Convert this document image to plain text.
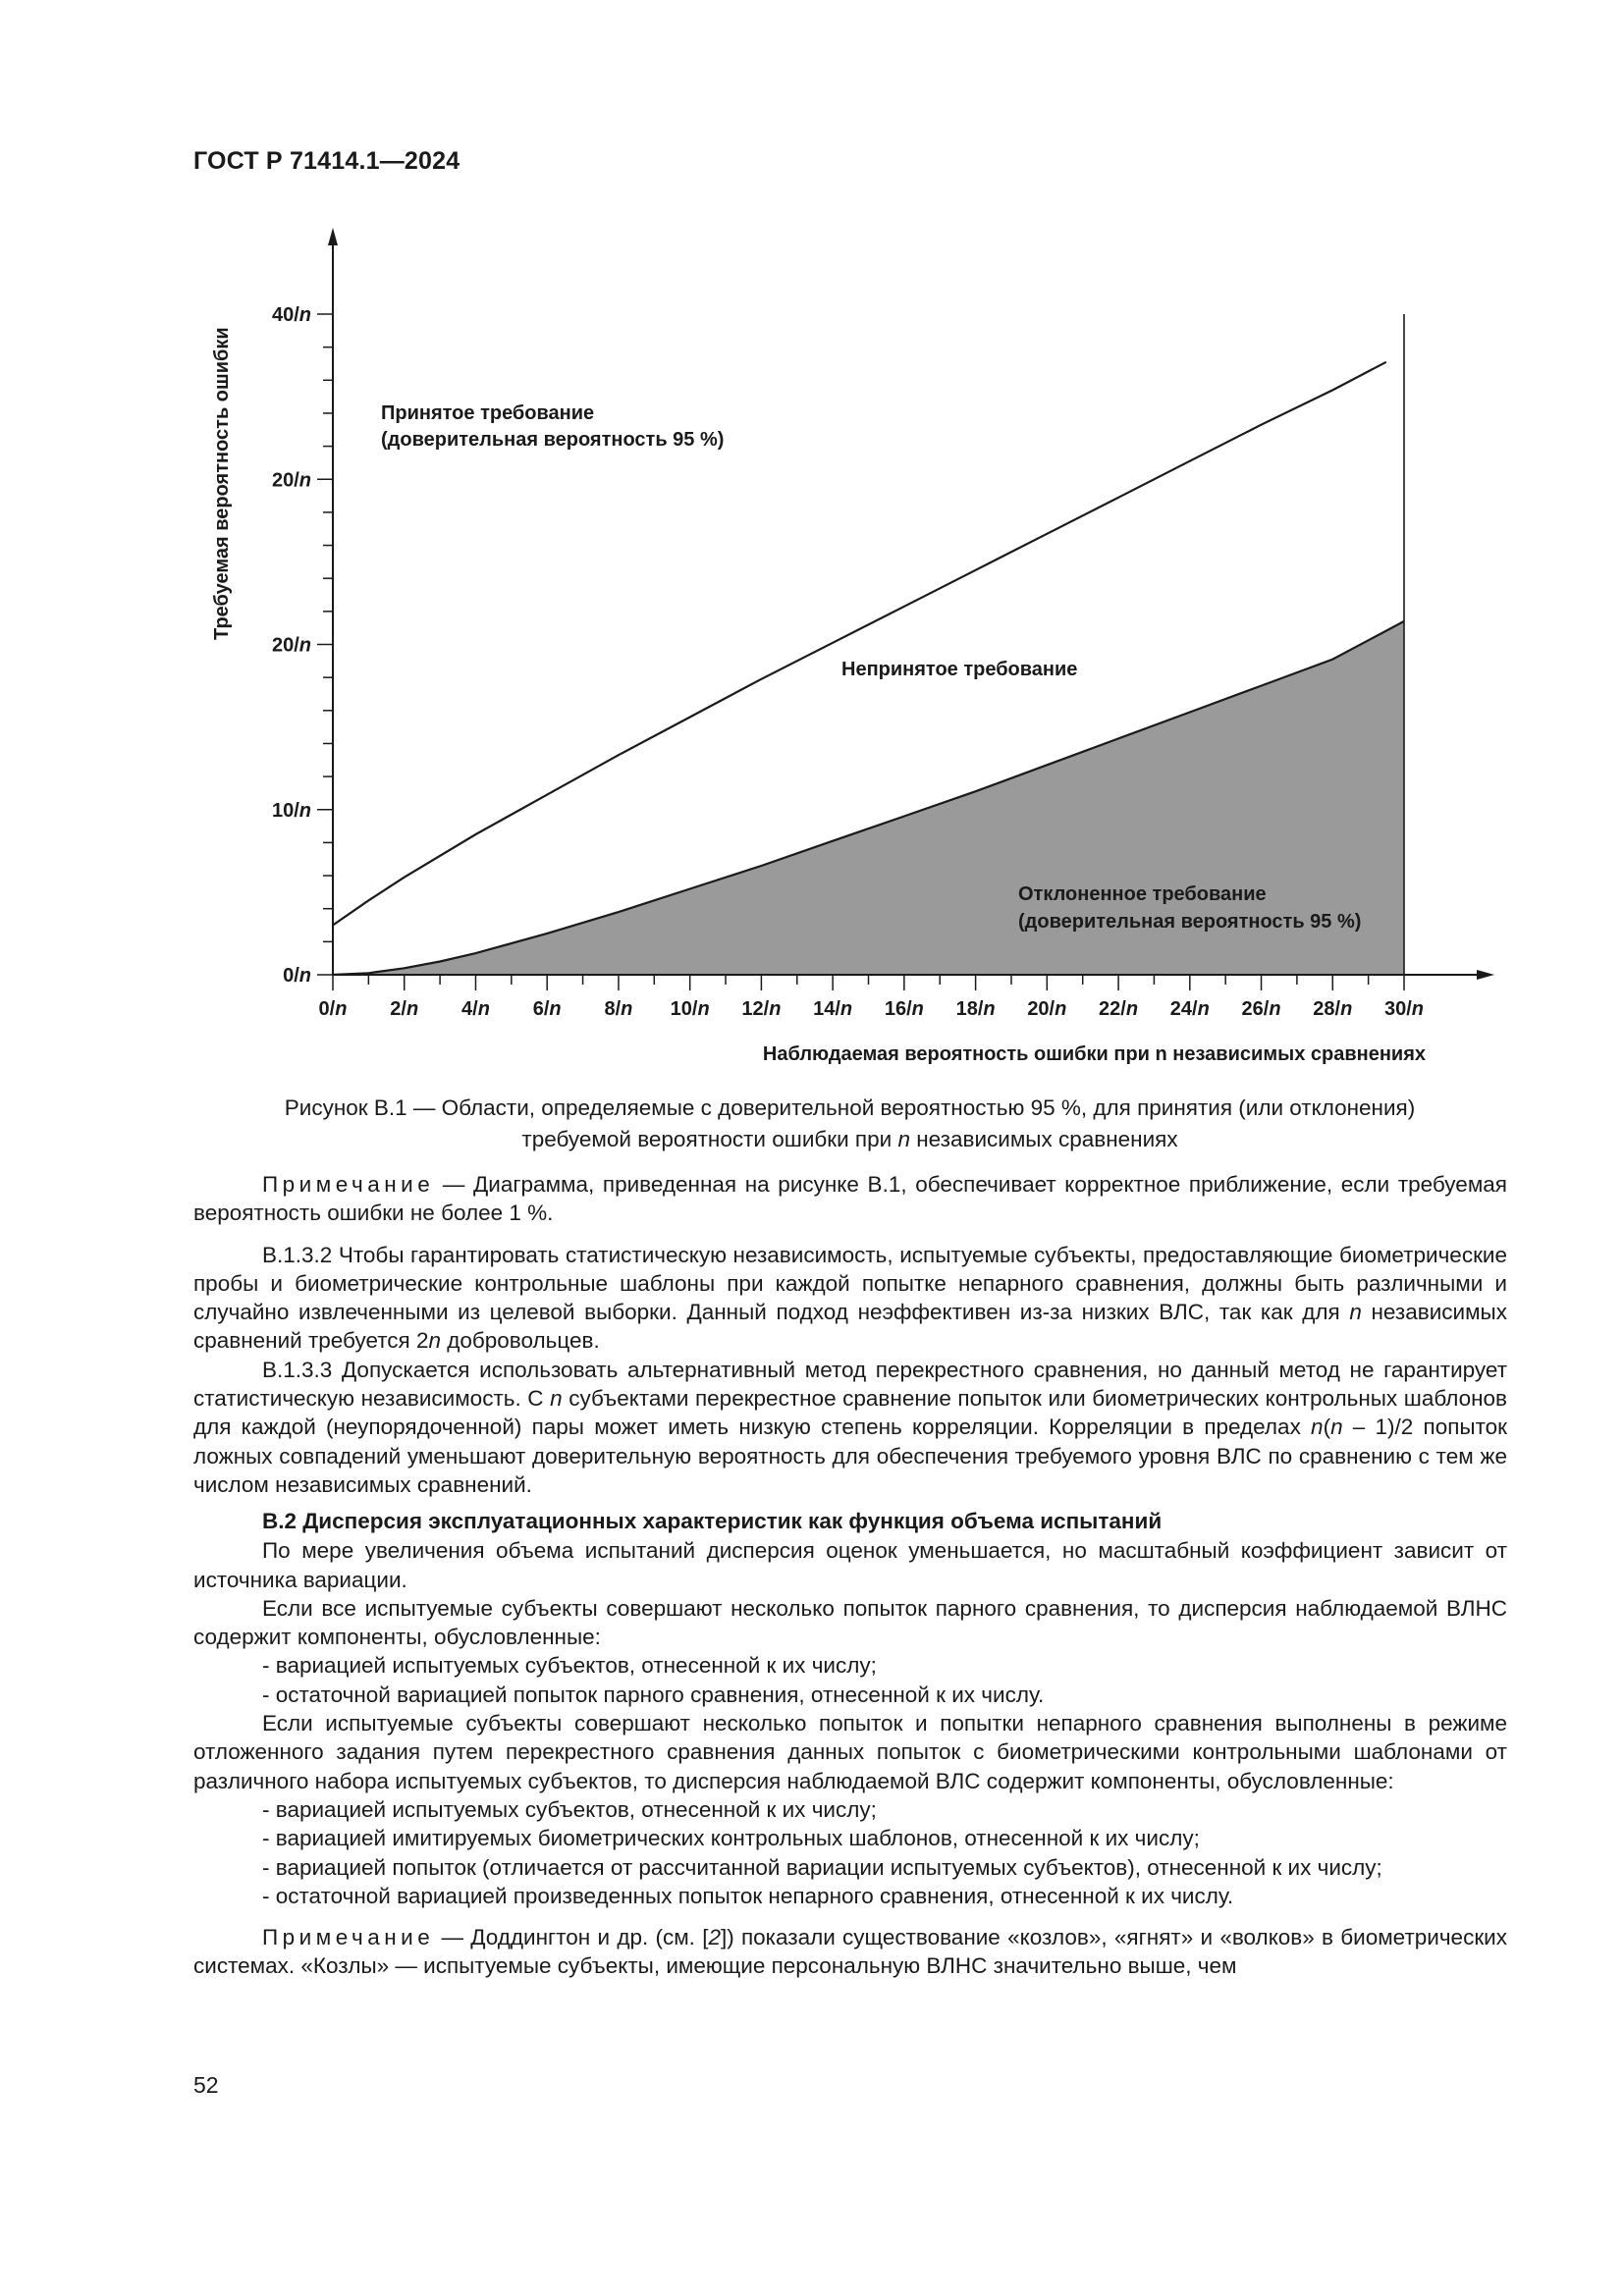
ГОСТ Р 71414.1—2024
0/n
10/n
20/n
20/n
40/n
0/n 2/n 4/n 6/n 8/n 10/n 12/n 14/n 16/n 18/n 20/n 22/n 24/n 26/n 28/n 30/n
Требуемая вероятность ошибки
Наблюдаемая вероятность ошибки при n независимых сравнениях
Принятое требование
(доверительная вероятность 95 %)
Непринятое требование
Отклоненное требование
(доверительная вероятность 95 %)
Рисунок В.1 — Области, определяемые с доверительной вероятностью 95 %, для принятия (или отклонения)
требуемой вероятности ошибки при n независимых сравнениях

Примечание — Диаграмма, приведенная на рисунке В.1, обеспечивает корректное приближение, если требуемая вероятность ошибки не более 1 %.

В.1.3.2 Чтобы гарантировать статистическую независимость, испытуемые субъекты, предоставляющие биометрические пробы и биометрические контрольные шаблоны при каждой попытке непарного сравнения, должны быть различными и случайно извлеченными из целевой выборки. Данный подход неэффективен из-за низких ВЛС, так как для n независимых сравнений требуется 2n добровольцев.

В.1.3.3 Допускается использовать альтернативный метод перекрестного сравнения, но данный метод не гарантирует статистическую независимость. С n субъектами перекрестное сравнение попыток или биометрических контрольных шаблонов для каждой (неупорядоченной) пары может иметь низкую степень корреляции. Корреляции в пределах n(n – 1)/2 попыток ложных совпадений уменьшают доверительную вероятность для обеспечения требуемого уровня ВЛС по сравнению с тем же числом независимых сравнений.

В.2 Дисперсия эксплуатационных характеристик как функция объема испытаний

По мере увеличения объема испытаний дисперсия оценок уменьшается, но масштабный коэффициент зависит от источника вариации.

Если все испытуемые субъекты совершают несколько попыток парного сравнения, то дисперсия наблюдаемой ВЛНС содержит компоненты, обусловленные:

- вариацией испытуемых субъектов, отнесенной к их числу;

- остаточной вариацией попыток парного сравнения, отнесенной к их числу.

Если испытуемые субъекты совершают несколько попыток и попытки непарного сравнения выполнены в режиме отложенного задания путем перекрестного сравнения данных попыток с биометрическими контрольными шаблонами от различного набора испытуемых субъектов, то дисперсия наблюдаемой ВЛС содержит компоненты, обусловленные:

- вариацией испытуемых субъектов, отнесенной к их числу;

- вариацией имитируемых биометрических контрольных шаблонов, отнесенной к их числу;

- вариацией попыток (отличается от рассчитанной вариации испытуемых субъектов), отнесенной к их числу;

- остаточной вариацией произведенных попыток непарного сравнения, отнесенной к их числу.

Примечание — Доддингтон и др. (см. [2]) показали существование «козлов», «ягнят» и «волков» в биометрических системах. «Козлы» — испытуемые субъекты, имеющие персональную ВЛНС значительно выше, чем

52
